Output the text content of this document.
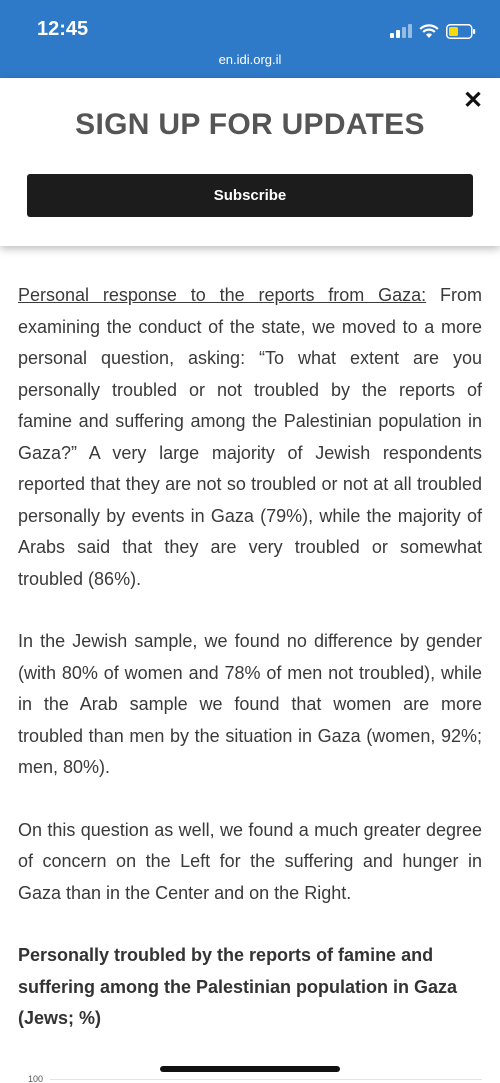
12:45
en.idi.org.il
✕
SIGN UP FOR UPDATES
Subscribe

Personal response to the reports from Gaza: From examining the conduct of the state, we moved to a more personal question, asking: “To what extent are you personally troubled or not troubled by the reports of famine and suffering among the Palestinian population in Gaza?” A very large majority of Jewish respondents reported that they are not so troubled or not at all troubled personally by events in Gaza (79%), while the majority of Arabs said that they are very troubled or somewhat troubled (86%).

In the Jewish sample, we found no difference by gender (with 80% of women and 78% of men not troubled), while in the Arab sample we found that women are more troubled than men by the situation in Gaza (women, 92%; men, 80%).

On this question as well, we found a much greater degree of concern on the Left for the suffering and hunger in Gaza than in the Center and on the Right.

Personally troubled by the reports of famine and suffering among the Palestinian population in Gaza (Jews; %)
100
